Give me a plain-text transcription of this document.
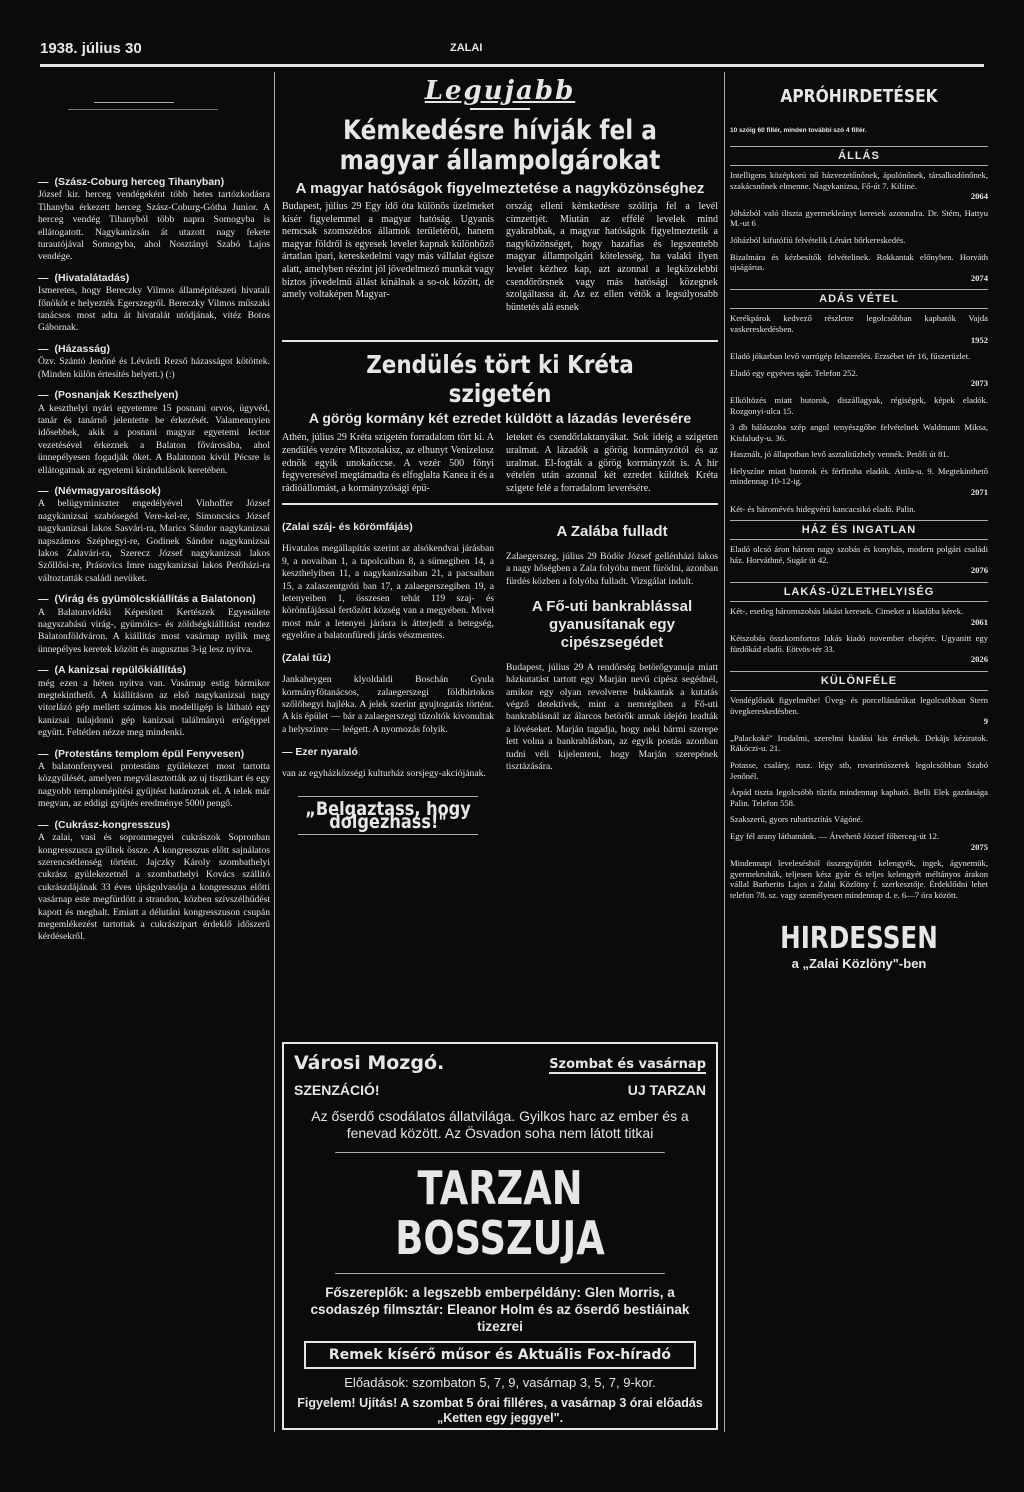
1938. július 30	ZALAI
— (Szász-Coburg herceg Tihanyban)

József kir. herceg vendégeként több hetes tartózkodásra Tihanyba érkezett herceg Szász-Coburg-Gótha Junior. A herceg vendég Tihanyból több napra Somogyba is ellátogatott. Nagykanizsán át utazott nagy fekete turautójával Somogyba, ahol Nosztányi Szabó Lajos vendége.

— (Hivatalátadás)

Ismeretes, hogy Bereczky Vilmos államépítészeti hivatali főnököt e helyezték Egerszegről. Bereczky Vilmos műszaki tanácsos most adta át hivatalát utódjának, vitéz Botos Gábornak.

— (Házasság)

Özv. Szántó Jenőné és Lévárdi Rezső házasságot kötöttek. (Minden külön értesítés helyett.) (:)

— (Posnanjak Keszthelyen)

A keszthelyi nyári egyetemre 15 posnani orvos, ügyvéd, tanár és tanárnő jelentette be érkezését. Valamennyien idősebbek, akik a posnani magyar egyetemi lector vezetésével érkeznek a Balaton fővárosába, ahol ünnepélyesen fogadják őket. A Balatonon kívül Pécsre is ellátogatnak az egyetemi kirándulások keretében.

— (Névmagyarosítások)

A belügyminiszter engedélyével Vinhoffer József nagykanizsai szabósegéd Vere-kel-re, Simoncsics József nagykanizsai lakos Sasvári-ra, Marics Sándor nagykanizsai napszámos Széphegyi-re, Godinek Sándor nagykanizsai lakos Zalavári-ra, Szerecz József nagykanizsai lakos Szőllősi-re, Prásovics Imre nagykanizsai lakos Petőházi-ra változtatták családi nevüket.

— (Virág és gyümölcskiállítás a Balatonon)

A Balatonvidéki Képesített Kertészek Egyesülete nagyszabású virág-, gyümölcs- és zöldségkiállítást rendez Balatonföldváron. A kiállítás most vasárnap nyílik meg ünnepélyes keretek között és augusztus 3-ig lesz nyitva.

— (A kanizsai repülőkiállítás)

még ezen a héten nyitva van. Vasárnap estig bármikor megtekinthető. A kiállításon az első nagykanizsai nagy vitorlázó gép mellett számos kis modelligép is látható egy kanizsai tulajdonú gép kanizsai találmányú erőgéppel együtt. Feltétlen nézze meg mindenki.

— (Protestáns templom épül Fenyvesen)

A balatonfenyvesi protestáns gyülekezet most tartotta közgyűlését, amelyen megválasztották az uj tisztikart és egy nagyobb templomépítési gyűjtést határoztak el. A telek már megvan, az eddigi gyűjtés eredménye 5000 pengő.

— (Cukrász-kongresszus)

A zalai, vasi és sopronmegyei cukrászok Sopronban kongresszusra gyűltek össze. A kongresszus előtt sajnálatos szerencsétlenség történt. Jajczky Károly szombathelyi cukrász gyülekezetnél a szombathelyi Kovács szállító cukrászdájának 33 éves újságolvasója a kongresszus előtti vasárnap este megfürdött a strandon, közben szívszélhűdést kapott és meghalt. Emiatt a délutáni kongresszuson csupán megemlékezést tartottak a cukrászipart érdeklő időszerű kérdésekről.

Legujabb
Kémkedésre hívják fel a magyar állampolgárokat
A magyar hatóságok figyelmeztetése a nagyközönséghez
Budapest, július 29 Egy idő óta különös üzelmeket kísér figyelemmel a magyar hatóság. Ugyanis nemcsak szomszédos államok területéről, hanem magyar földről is egyesek levelet kapnak különböző ártatlan ipari, kereskedelmi vagy más vállalat égisze alatt, amelyben részint jól jövedelmező munkát vagy bíztos jövedelmű állást kínálnak a so-ok között, de amely voltaképen Magyar-
ország elleni kémkedésre szólítja fel a levél címzettjét. Miután az effélé levelek mind gyakrabbak, a magyar hatóságok figyelmeztetik a nagyközönséget, hogy hazafias és legszentebb magyar állampolgári kötelesség, ha valaki ilyen levelet kézhez kap, azt azonnal a legközelebbi csendőrőrsnek vagy más hatósági közegnek szolgáltassa át. Az ez ellen vétők a legsúlyosabb büntetés alá esnek
Zendülés tört ki Kréta szigetén
A görög kormány két ezredet küldött a lázadás leverésére
Athén, július 29 Kréta szigetén forradalom tört ki. A zendülés vezére Mitszotakisz, az elhunyt Venizelosz ednök egyik unokaöccse. A vezér 500 főnyi fegyveresével megtámadta és elfoglalta Kanea it és a rádióállomást, a kormányzósági épü-
leteket és csendőrlaktanyákat. Sok ideig a szigeten uralmat. A lázadók a görög kormányzótól és az uralmat. El-fogták a görög kormányzót is. A hír vételén után azonnal két ezredet küldtek Kréta szigete felé a forradalom leverésére.
(Zalai száj- és körömfájás)

Hivatalos megállapítás szerint az alsókendvai járásban 9, a novaiban 1, a tapolcaiban 8, a sümegiben 14, a keszthelyiben 11, a nagykanizsaiban 21, a pacsaiban 15, a zalaszentgróti ban 17, a zalaegerszegiben 19, a letenyeiben 1, összesen tehát 119 szaj- és körömfájással fertőzött község van a megyében. Miveł most már a letenyei járásra is átterjedt a betegség, egyelőre a balatonfüredi járás vészmentes.

(Zalai tűz)

Jankaheygen klyoldaldi Boschán Gyula kormányfőtanácsos, zalaegerszegi földbirtokos szőlőhegyi hajléka. A jelek szerint gyujtogatás történt. A kis épület — bár a zalaegerszegi tűzoltók kivonultak a helyszínre — leégett. A nyomozás folyik.

— Ezer nyaraló

van az egyházközségi kulturház sorsjegy-akciójának.

„Belgaztass, hogy dolgezhass!"
A Zalába fulladt

Zalaegerszeg, július 29 Bödör József gellénházi lakos a nagy hőségben a Zala folyóba ment fürödni, azonban fürdés közben a folyóba fulladt. Vizsgálat indult.

A Fő-uti bankrablással gyanusítanak egy cipészsegédet

Budapest, július 29 A rendőrség betörőgyanuja miatt házkutatást tartott egy Marján nevű cipész segédnél, amikor egy olyan revolverre bukkantak a kutatás végző detektívek, mint a nemrégiben a Fő-uti bankrablásnál az álarcos betörők annak idején leadták a lövéseket. Marján tagadja, hogy neki bármi szerepe lett volna a bankrablásban, az egyik postás azonban tudni véli kijelenteni, hogy Marján szerepének tisztázására.

Városi Mozgó.	Szombat és vasárnap
SZENZÁCIÓ!	UJ TARZAN
Az őserdő csodálatos állatvilága. Gyilkos harc az ember és a fenevad között. Az Ösvadon soha nem látott titkai
TARZAN BOSSZUJA
Főszereplők: a legszebb emberpéldány: Glen Morris, a csodaszép filmsztár: Eleanor Holm és az őserdő bestiáinak tizezrei
Remek kísérő műsor és Aktuális Fox-híradó
Előadások: szombaton 5, 7, 9, vasárnap 3, 5, 7, 9-kor.
Figyelem! Ujítás! A szombat 5 órai filléres, a vasárnap 3 órai előadás „Ketten egy jeggyel".
APRÓHIRDETÉSEK
10 szóig 60 fillér, minden további szó 4 fillér.
ÁLLÁS

Intelligens középkorú nő házvezetőnőnek, ápolónőnek, társalkodónőnek, szakácsnőnek elmenne. Nagykanizsa, Fő-út 7. Kiltinė.
2064

Jóházból való iliszta gyermekleányt keresek azonnalra. Dr. Stém, Hattyu M.-ut 6

Jóházból kifutófiú felvételik Lénárt bőrkereskedés.

Bizalmára és kézbesítők felvételinek. Rokkantak előnyben. Horváth ujságárus.
2074

ADÁS VÉTEL

Kerékpárok kedvező részletre legolcsóbban kaphatók Vajda vaskereskedésben.
1952

Eladó jókarban levő varrógép felszerelés. Erzsébet tér 16, fűszerüzlet.

Eladó egy egyéves sgár. Telefon 252.
2073

Elköltözés miatt butorok, diszállagyak, régiségek, képek eladók. Rozgonyi-ulca 15.

3 db hálószoba szép angol tenyészgőbe felvételnek Waldmann Miksa, Kisfaludy-u. 36.

Használt, jó állapotban levő asztalitűzhely vennék. Petőfi út 81.

Helyszíne miatt butorok és férfiruha eladók. Attila-u. 9. Megtekinthető mindennap 10-12-ig.
2071

Két- és háromévés hidegvérű kancacsikó eladó. Palin.

HÁZ ÉS INGATLAN

Eladó olcsó áron három nagy szobás és konyhás, modern polgári családi ház. Horváthné, Sugár út 42.
2076

LAKÁS-ÜZLETHELYISÉG

Két-, esetleg háromszobás lakást keresek. Cimeket a kiadóba kérek.
2061

Kétszobás összkomfortos lakás kiadó november elsejére. Ugyanitt egy fürdőkád eladó. Eötvös-tér 33.
2026

KÜLÖNFÉLE

Vendéglősök figyelmébe! Üveg- és porcellánárúkat legolcsóbban Stern üvegkereskedésben.
9

„Palackoké" Irodalmi, szerelmi kiadási kis értékek. Dekájs kéziratok. Rákóczi-u. 21.

Potasse, csaláry, rusz. légy stb, rovarirtószerek legolcsóbban Szabó Jenőnél.

Árpád tiszta legolcsóbb tűzifa mindennap kapható. Belli Elek gazdasága Palin. Telefon 558.

Szakszerű, gyors ruhatisztítás Vágóné.

Egy fél arany láthatnánk. — Átvehető József főherceg-út 12.
2075

Mindennapi levelesésból összegyűjtött kelengyék, ingek, ágynemük, gyermekruhák, teljesen kész gyár és teljes kelengyét méltányos árakon vállal Barberits Lajos a Zalai Közlöny f. szerkesztője. Érdeklődni lehet telefon 78. sz. vagy személyesen mindennap d. e. 6—7 óra között.

HIRDESSEN
a „Zalai Közlöny"-ben
